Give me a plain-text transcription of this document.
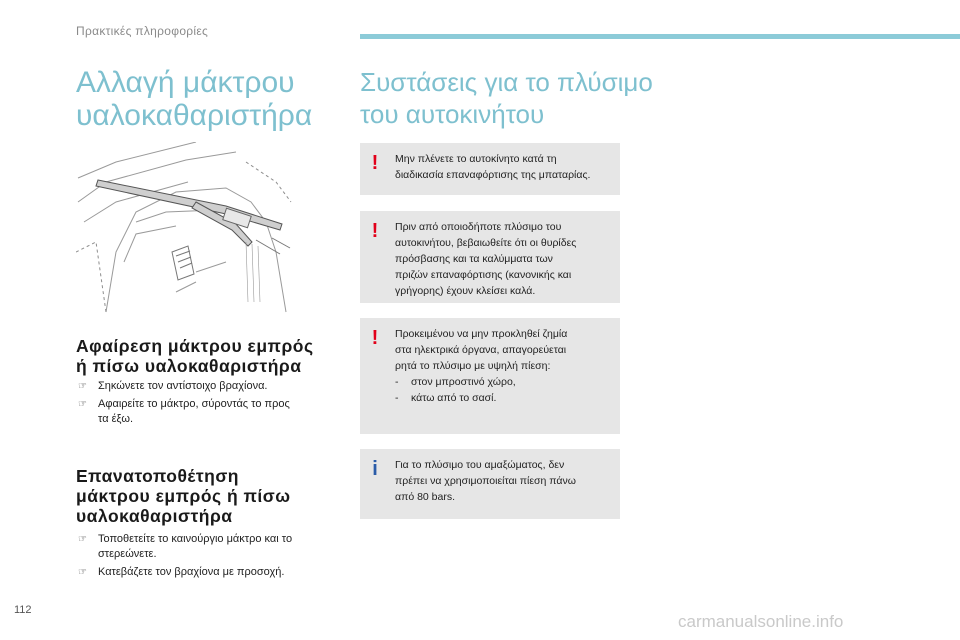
Πρακτικές πληροφορίες
Αλλαγή μάκτρου
υαλοκαθαριστήρα
Αφαίρεση μάκτρου εμπρός
ή πίσω υαλοκαθαριστήρα
☞	Σηκώνετε τον αντίστοιχο βραχίονα.
☞	Αφαιρείτε το μάκτρο, σύροντάς το προς
τα έξω.
Επανατοποθέτηση
μάκτρου εμπρός ή πίσω
υαλοκαθαριστήρα
☞	Τοποθετείτε το καινούργιο μάκτρο και το
στερεώνετε.
☞	Κατεβάζετε τον βραχίονα με προσοχή.
Συστάσεις για το πλύσιμο
του αυτοκινήτου
! Μην πλένετε το αυτοκίνητο κατά τη
διαδικασία επαναφόρτισης της μπαταρίας.
! Πριν από οποιοδήποτε πλύσιμο του
αυτοκινήτου, βεβαιωθείτε ότι οι θυρίδες
πρόσβασης και τα καλύμματα των
πριζών επαναφόρτισης (κανονικής και
γρήγορης) έχουν κλείσει καλά.
! Προκειμένου να μην προκληθεί ζημία
στα ηλεκτρικά όργανα, απαγορεύεται
ρητά το πλύσιμο με υψηλή πίεση:
-	στον μπροστινό χώρο,
-	κάτω από το σασί.
i Για το πλύσιμο του αμαξώματος, δεν
πρέπει να χρησιμοποιείται πίεση πάνω
από 80 bars.
112
carmanualsonline.info
